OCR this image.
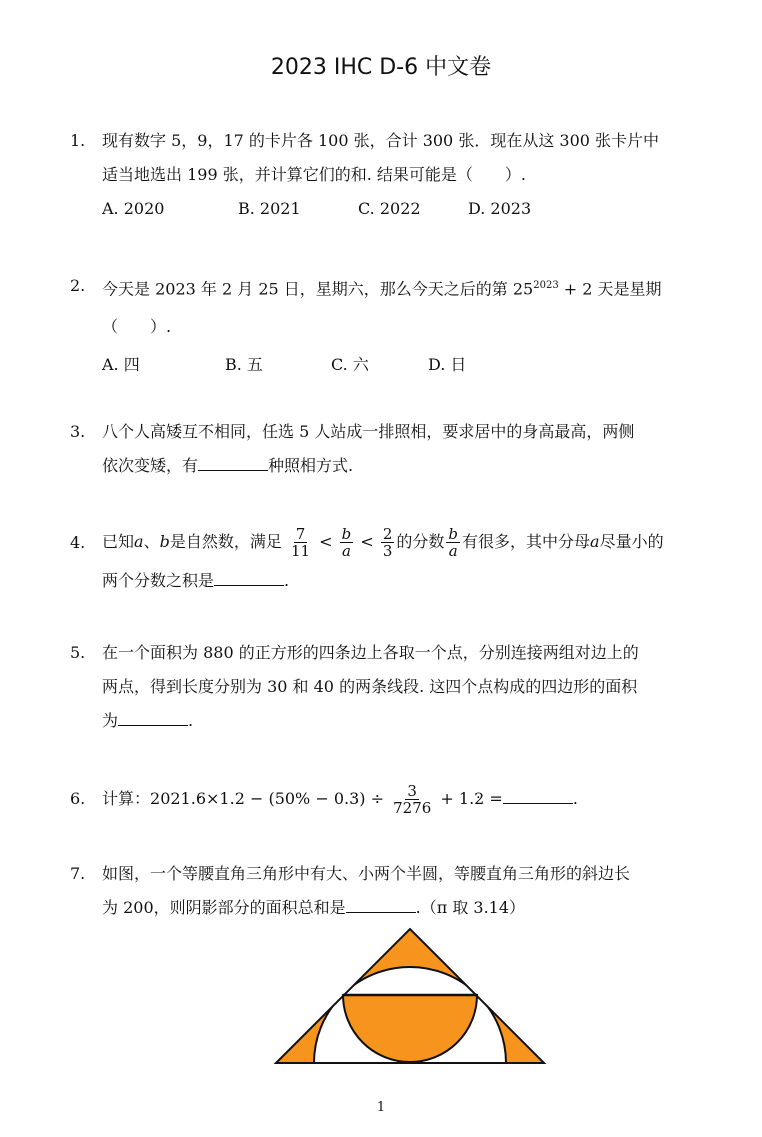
2023 IHC D-6 中文卷
1.	现有数字 5，9，17 的卡片各 100 张，合计 300 张．现在从这 300 张卡片中
适当地选出 199 张，并计算它们的和. 结果可能是（　　）.
A. 2020	B. 2021	C. 2022	D. 2023
2.	今天是 2023 年 2 月 25 日，星期六，那么今天之后的第 $25^{2023} + 2$ 天是星期
（　　）.
A. 四	B. 五	C. 六	D. 日
3.	八个人高矮互不相同，任选 5 人站成一排照相，要求居中的身高最高，两侧
依次变矮，有	种照相方式.
4.	已知a、b是自然数，满足 $\frac{7}{11} < \frac{b}{a} < \frac{2}{3}$ 的分数 $\frac{b}{a}$ 有很多，其中分母a尽量小的
两个分数之积是	.
5.	在一个面积为 880 的正方形的四条边上各取一个点，分别连接两组对边上的
两点，得到长度分别为 30 和 40 的两条线段. 这四个点构成的四边形的面积
为	.
6.	计算：2021.6 ·×1.2 − (50% − 0.3 ·) ÷ $\frac{3}{7276} + 1.2$ · =	.
7.	如图，一个等腰直角三角形中有大、小两个半圆，等腰直角三角形的斜边长
为 200，则阴影部分的面积总和是	.（π 取 3.14）
1
